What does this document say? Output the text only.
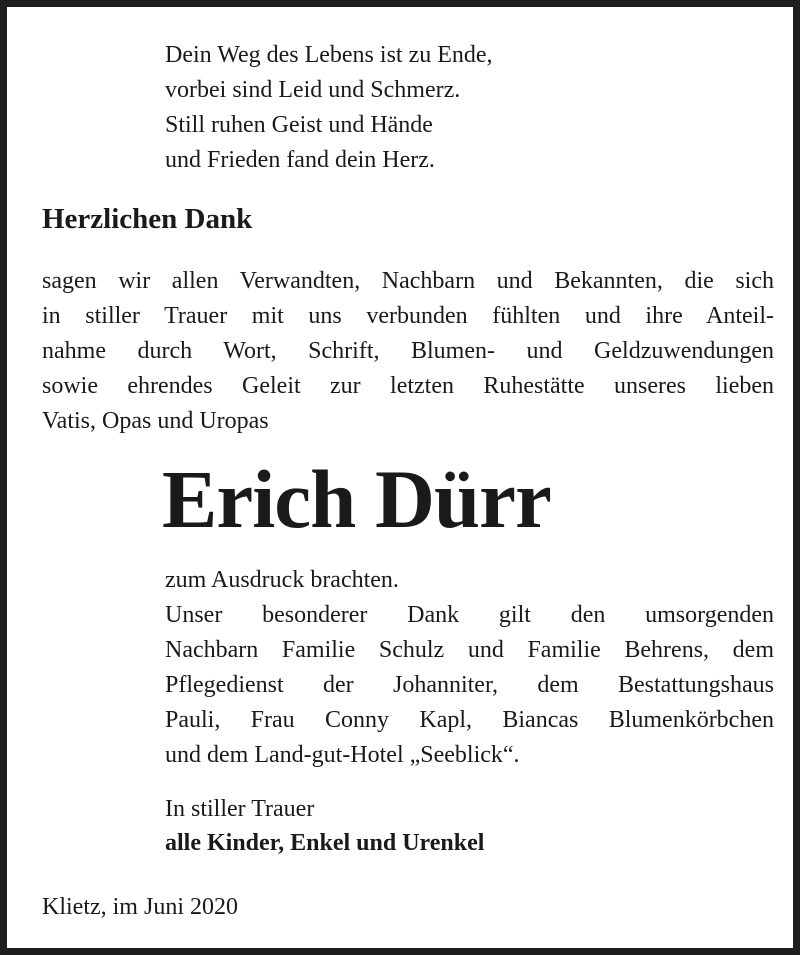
Dein Weg des Lebens ist zu Ende,
vorbei sind Leid und Schmerz.
Still ruhen Geist und Hände
und Frieden fand dein Herz.
Herzlichen Dank
sagen wir allen Verwandten, Nachbarn und Bekannten, die sich
in stiller Trauer mit uns verbunden fühlten und ihre Anteil-
nahme durch Wort, Schrift, Blumen- und Geldzuwendungen
sowie ehrendes Geleit zur letzten Ruhestätte unseres lieben
Vatis, Opas und Uropas
Erich Dürr
zum Ausdruck brachten.
Unser besonderer Dank gilt den umsorgenden
Nachbarn Familie Schulz und Familie Behrens, dem
Pflegedienst der Johanniter, dem Bestattungshaus
Pauli, Frau Conny Kapl, Biancas Blumenkörbchen
und dem Land-gut-Hotel „Seeblick“.
In stiller Trauer
alle Kinder, Enkel und Urenkel
Klietz, im Juni 2020
